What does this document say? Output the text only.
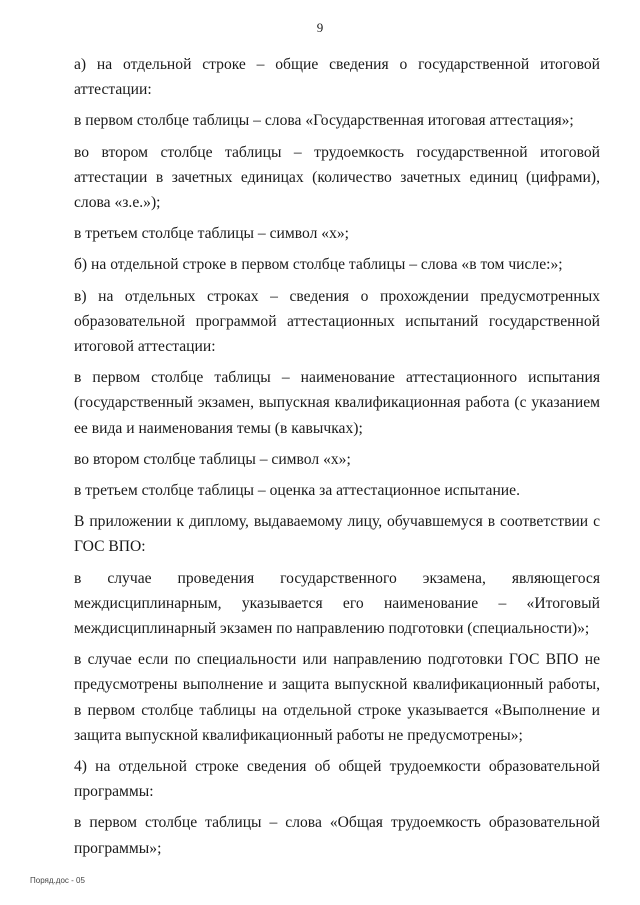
9

а) на отдельной строке – общие сведения о государственной итоговой аттестации:

в первом столбце таблицы – слова «Государственная итоговая аттестация»;

во втором столбце таблицы – трудоемкость государственной итоговой аттестации в зачетных единицах (количество зачетных единиц (цифрами), слова «з.е.»);

в третьем столбце таблицы – символ «х»;

б) на отдельной строке в первом столбце таблицы – слова «в том числе:»;

в) на отдельных строках – сведения о прохождении предусмотренных образовательной программой аттестационных испытаний государственной итоговой аттестации:

в первом столбце таблицы – наименование аттестационного испытания (государственный экзамен, выпускная квалификационная работа (с указанием ее вида и наименования темы (в кавычках);

во втором столбце таблицы – символ «х»;

в третьем столбце таблицы – оценка за аттестационное испытание.

В приложении к диплому, выдаваемому лицу, обучавшемуся в соответствии с ГОС ВПО:

в случае проведения государственного экзамена, являющегося междисциплинарным, указывается его наименование – «Итоговый междисциплинарный экзамен по направлению подготовки (специальности)»;

в случае если по специальности или направлению подготовки ГОС ВПО не предусмотрены выполнение и защита выпускной квалификационный работы, в первом столбце таблицы на отдельной строке указывается «Выполнение и защита выпускной квалификационный работы не предусмотрены»;

4) на отдельной строке сведения об общей трудоемкости образовательной программы:

в первом столбце таблицы – слова «Общая трудоемкость образовательной программы»;

Поряд.дос - 05
